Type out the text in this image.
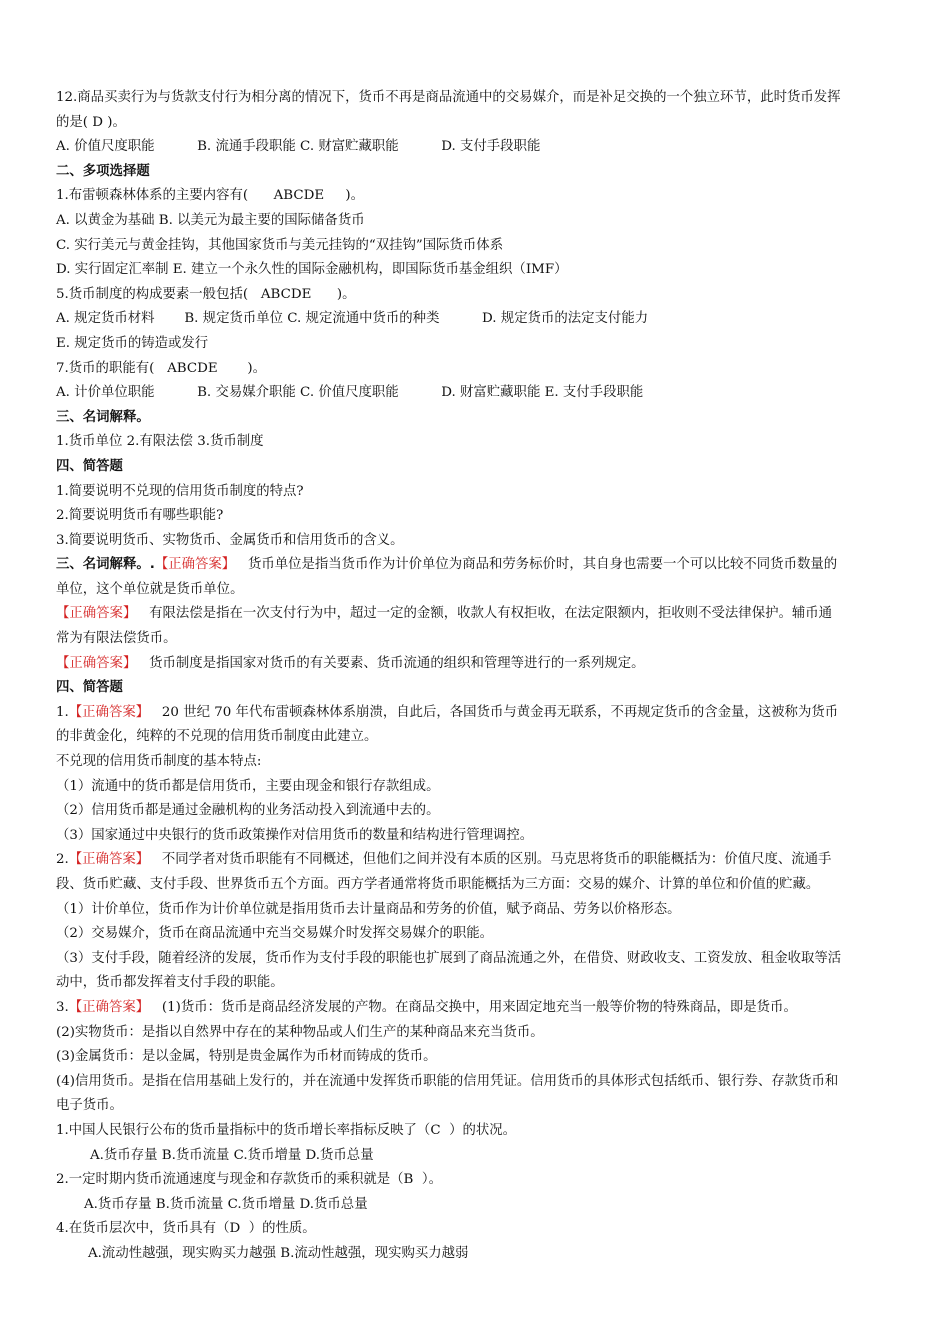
12.商品买卖行为与货款支付行为相分离的情况下，货币不再是商品流通中的交易媒介，而是补足交换的一个独立环节，此时货币发挥
的是( D )。
A. 价值尺度职能          B. 流通手段职能 C. 财富贮藏职能          D. 支付手段职能
二、多项选择题
1.布雷顿森林体系的主要内容有(      ABCDE     )。
A. 以黄金为基础 B. 以美元为最主要的国际储备货币
C. 实行美元与黄金挂钩，其他国家货币与美元挂钩的“双挂钩”国际货币体系
D. 实行固定汇率制 E. 建立一个永久性的国际金融机构，即国际货币基金组织（IMF）
5.货币制度的构成要素一般包括(   ABCDE      )。
A. 规定货币材料       B. 规定货币单位 C. 规定流通中货币的种类          D. 规定货币的法定支付能力
E. 规定货币的铸造或发行
7.货币的职能有(   ABCDE       )。
A. 计价单位职能          B. 交易媒介职能 C. 价值尺度职能          D. 财富贮藏职能 E. 支付手段职能
三、名词解释。
1.货币单位 2.有限法偿 3.货币制度
四、简答题
1.简要说明不兑现的信用货币制度的特点?
2.简要说明货币有哪些职能?
3.简要说明货币、实物货币、金属货币和信用货币的含义。
三、名词解释。.【正确答案】 货币单位是指当货币作为计价单位为商品和劳务标价时，其自身也需要一个可以比较不同货币数量的
单位，这个单位就是货币单位。
【正确答案】 有限法偿是指在一次支付行为中，超过一定的金额，收款人有权拒收，在法定限额内，拒收则不受法律保护。辅币通
常为有限法偿货币。
【正确答案】 货币制度是指国家对货币的有关要素、货币流通的组织和管理等进行的一系列规定。
四、简答题
1.【正确答案】 20 世纪 70 年代布雷顿森林体系崩溃，自此后，各国货币与黄金再无联系，不再规定货币的含金量，这被称为货币
的非黄金化，纯粹的不兑现的信用货币制度由此建立。
不兑现的信用货币制度的基本特点:
（1）流通中的货币都是信用货币，主要由现金和银行存款组成。
（2）信用货币都是通过金融机构的业务活动投入到流通中去的。
（3）国家通过中央银行的货币政策操作对信用货币的数量和结构进行管理调控。
2.【正确答案】 不同学者对货币职能有不同概述，但他们之间并没有本质的区别。马克思将货币的职能概括为：价值尺度、流通手
段、货币贮藏、支付手段、世界货币五个方面。西方学者通常将货币职能概括为三方面：交易的媒介、计算的单位和价值的贮藏。
（1）计价单位，货币作为计价单位就是指用货币去计量商品和劳务的价值，赋予商品、劳务以价格形态。
（2）交易媒介，货币在商品流通中充当交易媒介时发挥交易媒介的职能。
（3）支付手段，随着经济的发展，货币作为支付手段的职能也扩展到了商品流通之外，在借贷、财政收支、工资发放、租金收取等活
动中，货币都发挥着支付手段的职能。
3.【正确答案】 (1)货币：货币是商品经济发展的产物。在商品交换中，用来固定地充当一般等价物的特殊商品，即是货币。
(2)实物货币：是指以自然界中存在的某种物品或人们生产的某种商品来充当货币。
(3)金属货币：是以金属，特别是贵金属作为币材而铸成的货币。
(4)信用货币。是指在信用基础上发行的，并在流通中发挥货币职能的信用凭证。信用货币的具体形式包括纸币、银行券、存款货币和
电子货币。
1.中国人民银行公布的货币量指标中的货币增长率指标反映了（C  ）的状况。
A.货币存量 B.货币流量 C.货币增量 D.货币总量
2.一定时期内货币流通速度与现金和存款货币的乘积就是（B  ）。
A.货币存量 B.货币流量 C.货币增量 D.货币总量
4.在货币层次中，货币具有（D  ）的性质。
A.流动性越强，现实购买力越强 B.流动性越强，现实购买力越弱
